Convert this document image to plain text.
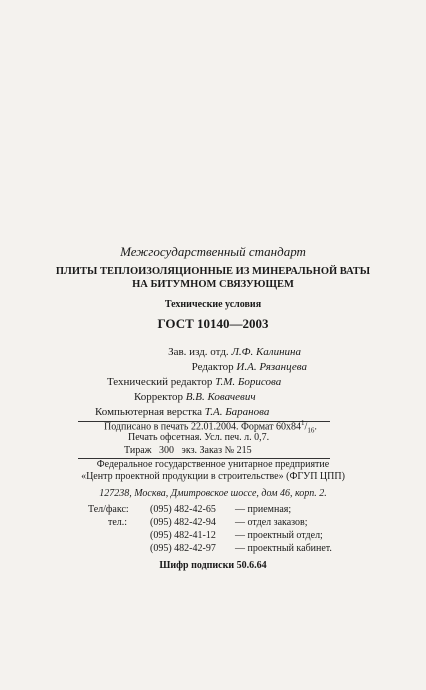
Межгосударственный стандарт
ПЛИТЫ ТЕПЛОИЗОЛЯЦИОННЫЕ ИЗ МИНЕРАЛЬНОЙ ВАТЫ
НА БИТУМНОМ СВЯЗУЮЩЕМ
Технические условия
ГОСТ 10140—2003
Зав. изд. отд. Л.Ф. Калинина
Редактор И.А. Рязанцева
Технический редактор Т.М. Борисова
Корректор В.В. Ковачевич
Компьютерная верстка Т.А. Баранова
Подписано в печать 22.01.2004. Формат $60x84^1/_{16}$.
Печать офсетная. Усл. печ. л. 0,7.
Тираж   300   экз. Заказ № 215
Федеральное государственное унитарное предприятие
«Центр проектной продукции в строительстве» (ФГУП ЦПП)
127238, Москва, Дмитровское шоссе, дом 46, корп. 2.
Тел/факс: (095) 482-42-65 — приемная;
тел.: (095) 482-42-94 — отдел заказов;
(095) 482-41-12 — проектный отдел;
(095) 482-42-97 — проектный кабинет.
Шифр подписки 50.6.64
